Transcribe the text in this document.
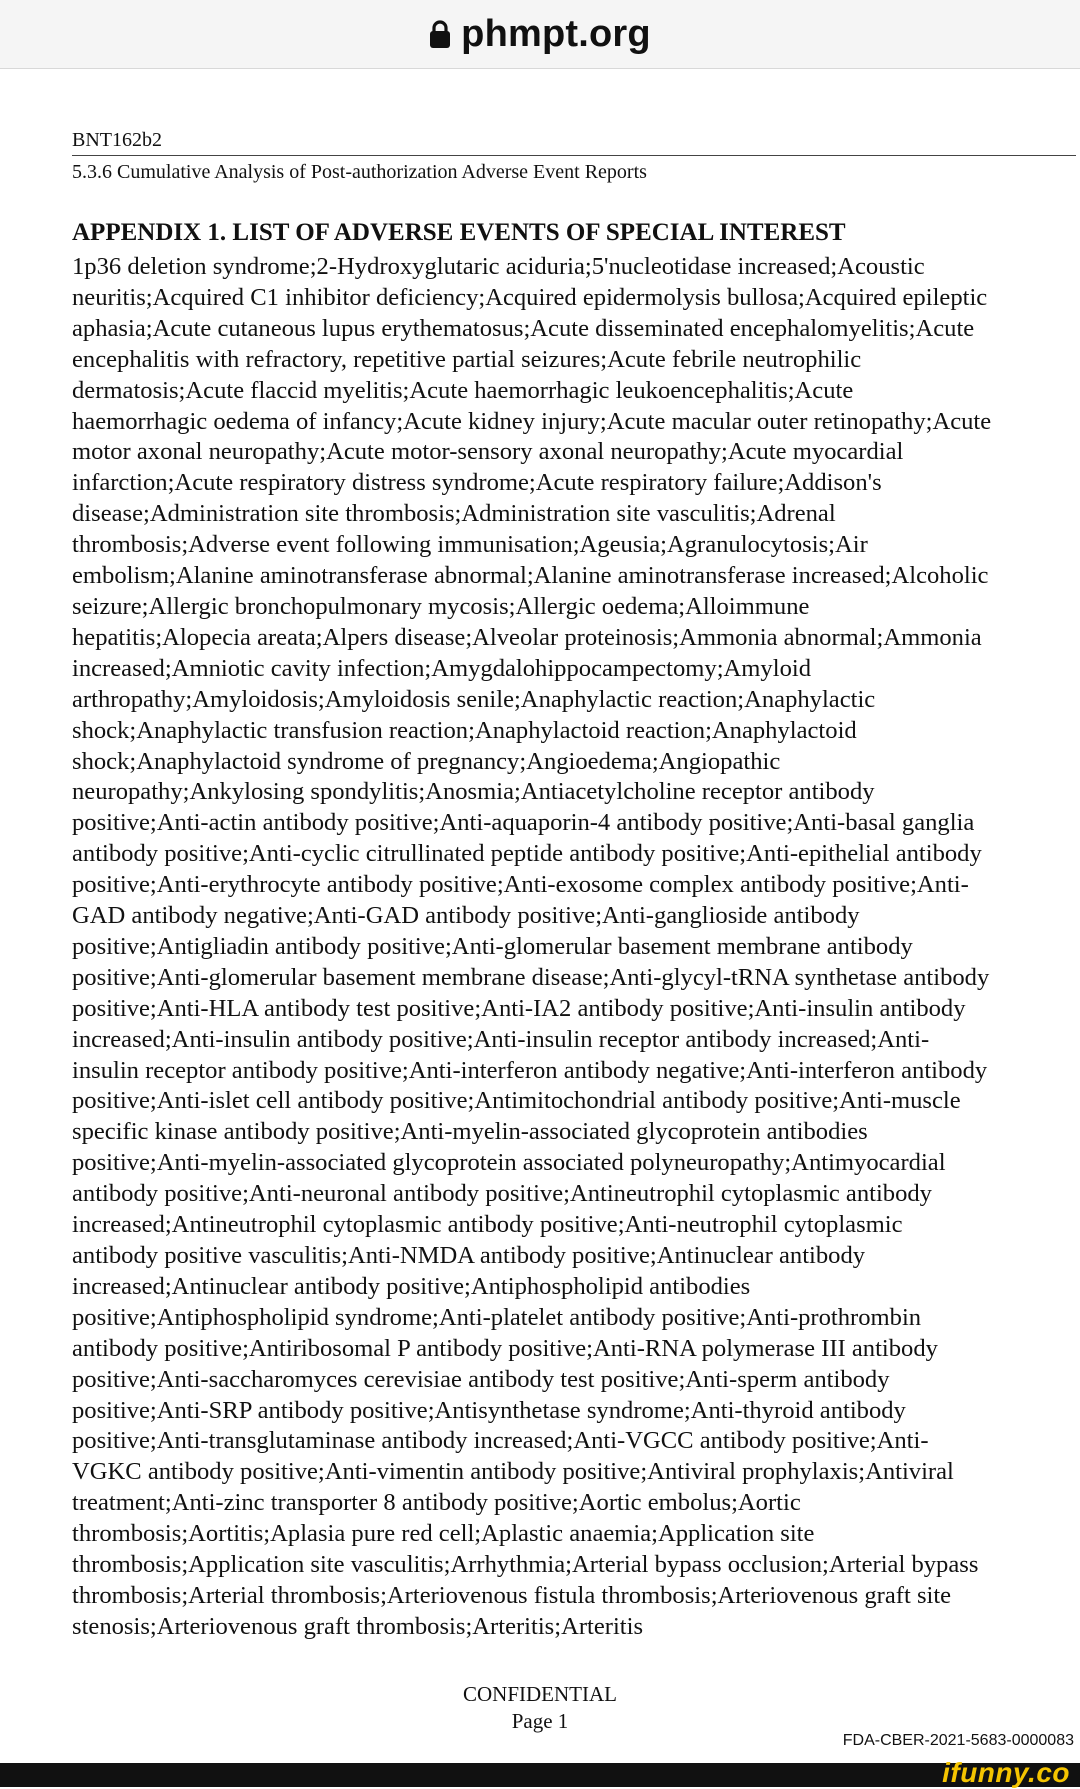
phmpt.org
BNT162b2
5.3.6 Cumulative Analysis of Post-authorization Adverse Event Reports
APPENDIX 1. LIST OF ADVERSE EVENTS OF SPECIAL INTEREST
1p36 deletion syndrome;2-Hydroxyglutaric aciduria;5'nucleotidase increased;Acoustic
neuritis;Acquired C1 inhibitor deficiency;Acquired epidermolysis bullosa;Acquired epileptic
aphasia;Acute cutaneous lupus erythematosus;Acute disseminated encephalomyelitis;Acute
encephalitis with refractory, repetitive partial seizures;Acute febrile neutrophilic
dermatosis;Acute flaccid myelitis;Acute haemorrhagic leukoencephalitis;Acute
haemorrhagic oedema of infancy;Acute kidney injury;Acute macular outer retinopathy;Acute
motor axonal neuropathy;Acute motor-sensory axonal neuropathy;Acute myocardial
infarction;Acute respiratory distress syndrome;Acute respiratory failure;Addison's
disease;Administration site thrombosis;Administration site vasculitis;Adrenal
thrombosis;Adverse event following immunisation;Ageusia;Agranulocytosis;Air
embolism;Alanine aminotransferase abnormal;Alanine aminotransferase increased;Alcoholic
seizure;Allergic bronchopulmonary mycosis;Allergic oedema;Alloimmune
hepatitis;Alopecia areata;Alpers disease;Alveolar proteinosis;Ammonia abnormal;Ammonia
increased;Amniotic cavity infection;Amygdalohippocampectomy;Amyloid
arthropathy;Amyloidosis;Amyloidosis senile;Anaphylactic reaction;Anaphylactic
shock;Anaphylactic transfusion reaction;Anaphylactoid reaction;Anaphylactoid
shock;Anaphylactoid syndrome of pregnancy;Angioedema;Angiopathic
neuropathy;Ankylosing spondylitis;Anosmia;Antiacetylcholine receptor antibody
positive;Anti-actin antibody positive;Anti-aquaporin-4 antibody positive;Anti-basal ganglia
antibody positive;Anti-cyclic citrullinated peptide antibody positive;Anti-epithelial antibody
positive;Anti-erythrocyte antibody positive;Anti-exosome complex antibody positive;Anti-
GAD antibody negative;Anti-GAD antibody positive;Anti-ganglioside antibody
positive;Antigliadin antibody positive;Anti-glomerular basement membrane antibody
positive;Anti-glomerular basement membrane disease;Anti-glycyl-tRNA synthetase antibody
positive;Anti-HLA antibody test positive;Anti-IA2 antibody positive;Anti-insulin antibody
increased;Anti-insulin antibody positive;Anti-insulin receptor antibody increased;Anti-
insulin receptor antibody positive;Anti-interferon antibody negative;Anti-interferon antibody
positive;Anti-islet cell antibody positive;Antimitochondrial antibody positive;Anti-muscle
specific kinase antibody positive;Anti-myelin-associated glycoprotein antibodies
positive;Anti-myelin-associated glycoprotein associated polyneuropathy;Antimyocardial
antibody positive;Anti-neuronal antibody positive;Antineutrophil cytoplasmic antibody
increased;Antineutrophil cytoplasmic antibody positive;Anti-neutrophil cytoplasmic
antibody positive vasculitis;Anti-NMDA antibody positive;Antinuclear antibody
increased;Antinuclear antibody positive;Antiphospholipid antibodies
positive;Antiphospholipid syndrome;Anti-platelet antibody positive;Anti-prothrombin
antibody positive;Antiribosomal P antibody positive;Anti-RNA polymerase III antibody
positive;Anti-saccharomyces cerevisiae antibody test positive;Anti-sperm antibody
positive;Anti-SRP antibody positive;Antisynthetase syndrome;Anti-thyroid antibody
positive;Anti-transglutaminase antibody increased;Anti-VGCC antibody positive;Anti-
VGKC antibody positive;Anti-vimentin antibody positive;Antiviral prophylaxis;Antiviral
treatment;Anti-zinc transporter 8 antibody positive;Aortic embolus;Aortic
thrombosis;Aortitis;Aplasia pure red cell;Aplastic anaemia;Application site
thrombosis;Application site vasculitis;Arrhythmia;Arterial bypass occlusion;Arterial bypass
thrombosis;Arterial thrombosis;Arteriovenous fistula thrombosis;Arteriovenous graft site
stenosis;Arteriovenous graft thrombosis;Arteritis;Arteritis
CONFIDENTIAL
Page 1
FDA-CBER-2021-5683-0000083
ifunny.co
